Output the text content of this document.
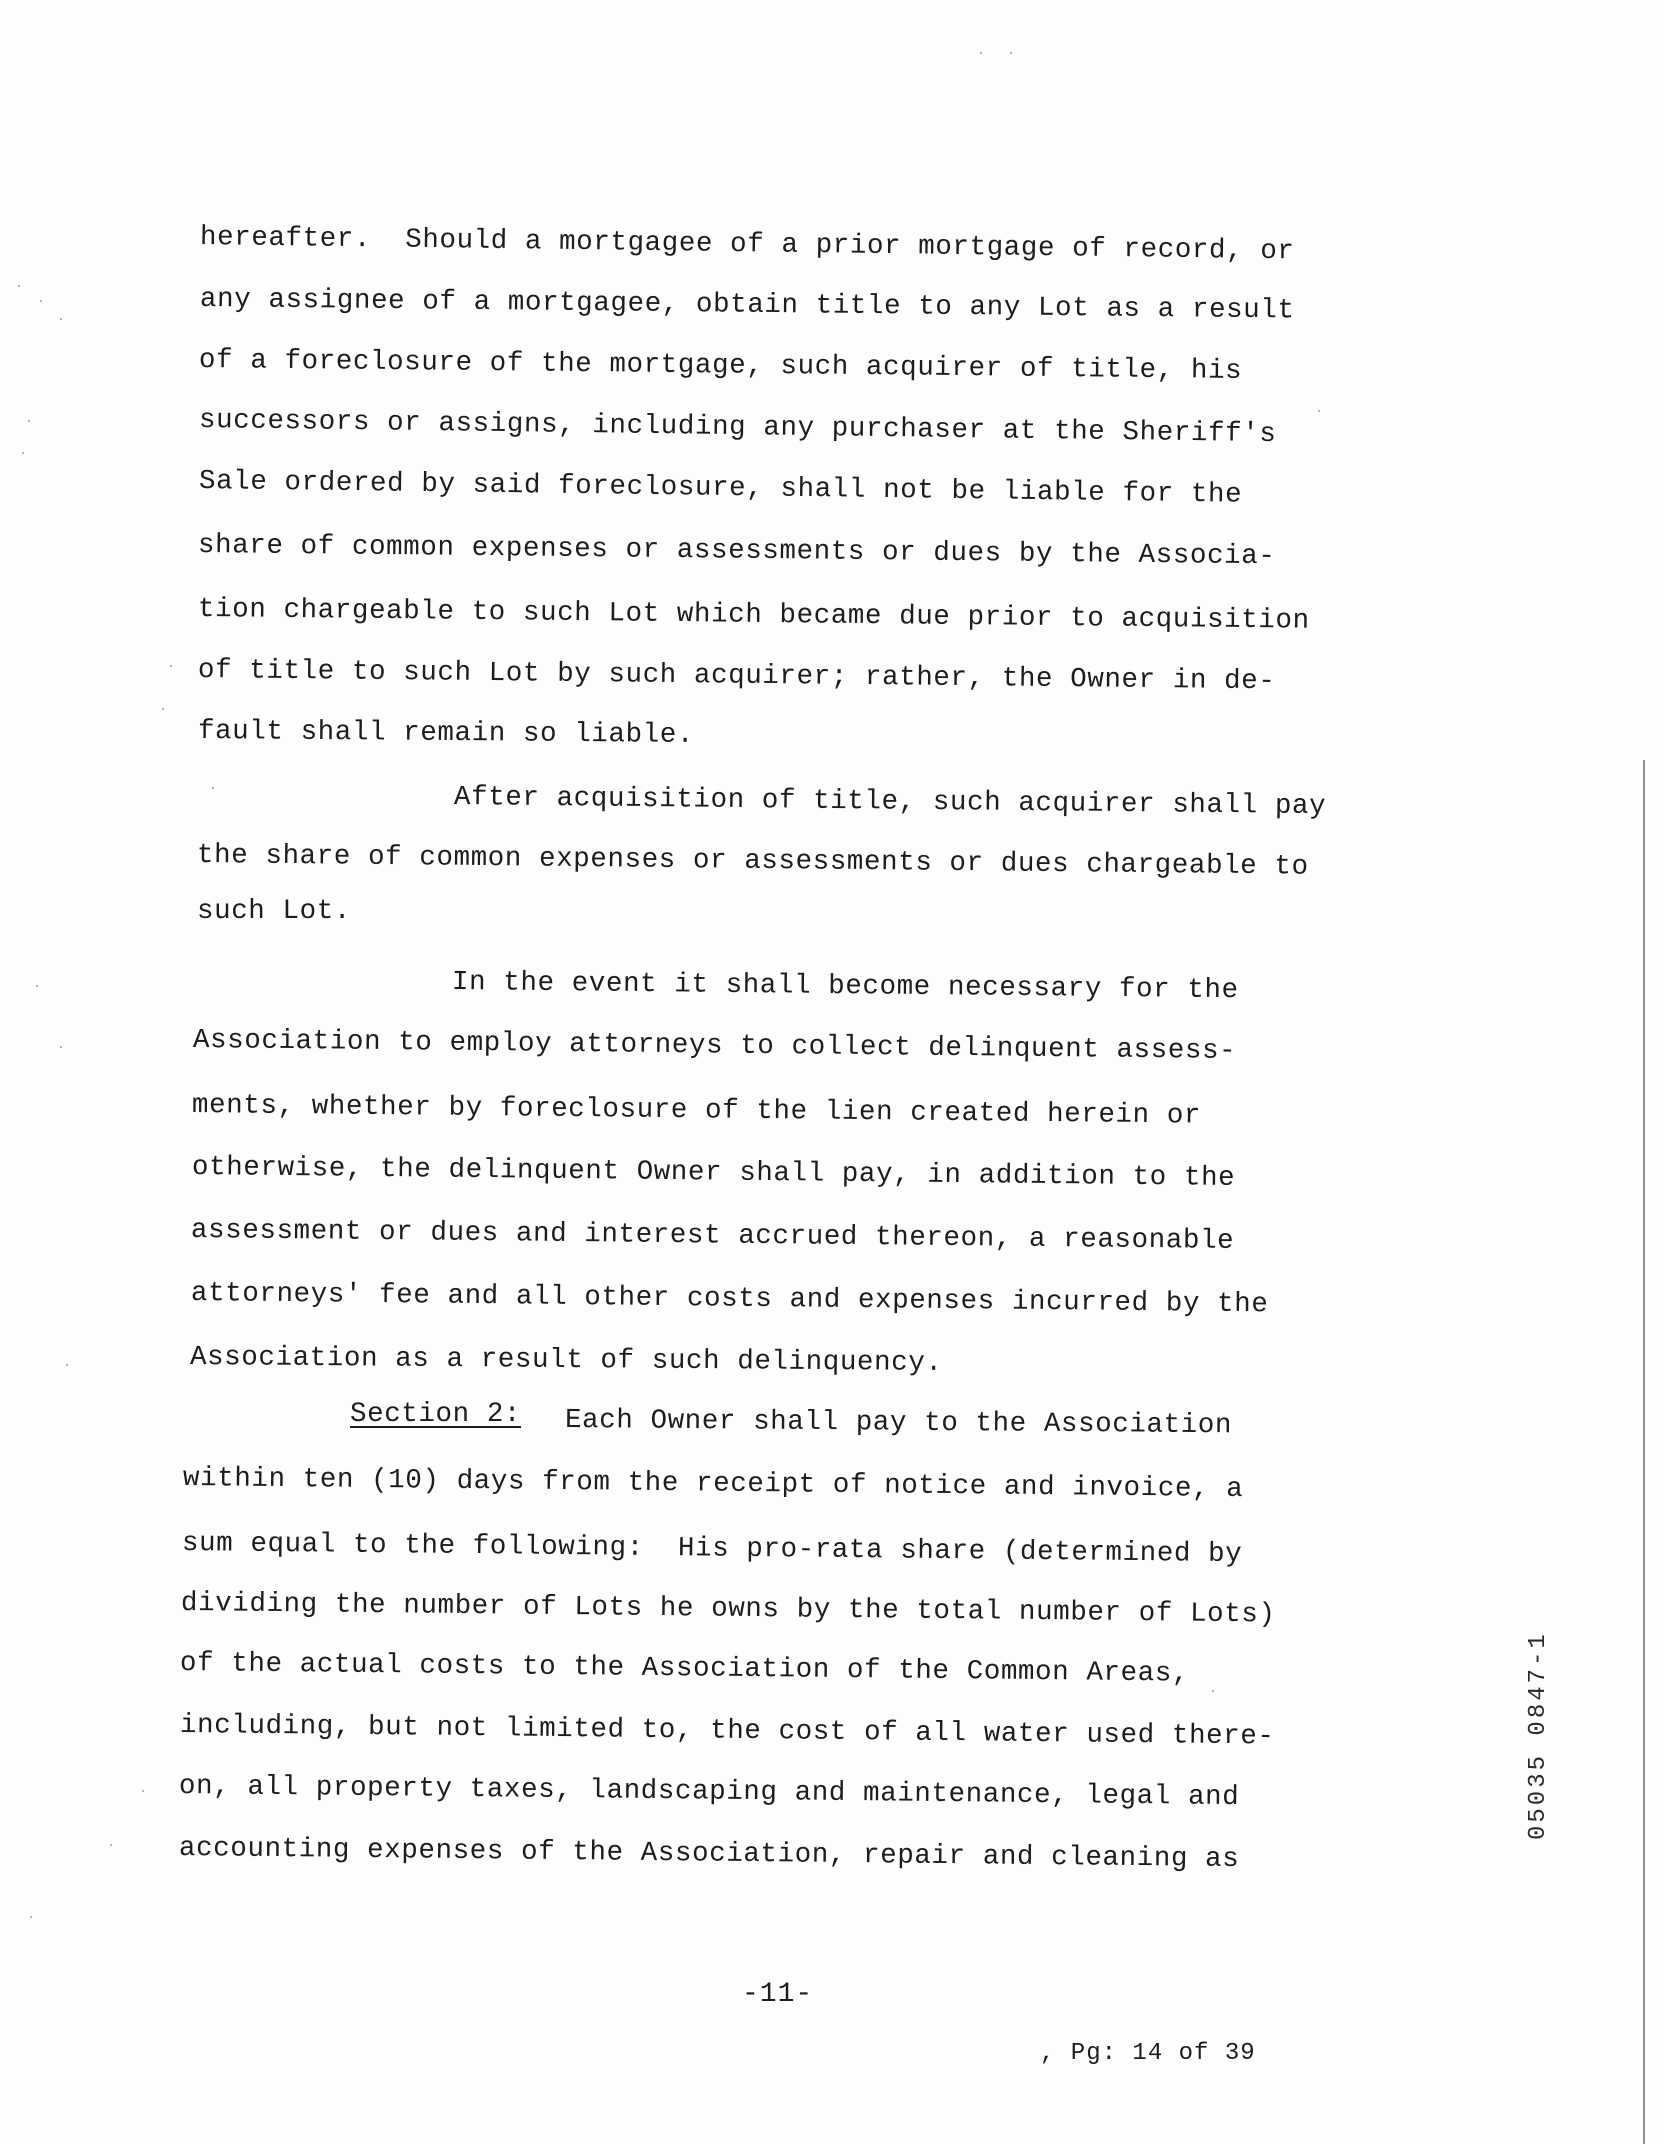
hereafter.  Should a mortgagee of a prior mortgage of record, or
any assignee of a mortgagee, obtain title to any Lot as a result
of a foreclosure of the mortgage, such acquirer of title, his
successors or assigns, including any purchaser at the Sheriff's
Sale ordered by said foreclosure, shall not be liable for the
share of common expenses or assessments or dues by the Associa-
tion chargeable to such Lot which became due prior to acquisition
of title to such Lot by such acquirer; rather, the Owner in de-
fault shall remain so liable.
After acquisition of title, such acquirer shall pay
the share of common expenses or assessments or dues chargeable to
such Lot.
In the event it shall become necessary for the
Association to employ attorneys to collect delinquent assess-
ments, whether by foreclosure of the lien created herein or
otherwise, the delinquent Owner shall pay, in addition to the
assessment or dues and interest accrued thereon, a reasonable
attorneys' fee and all other costs and expenses incurred by the
Association as a result of such delinquency.
Section 2: Each Owner shall pay to the Association
within ten (10) days from the receipt of notice and invoice, a
sum equal to the following:  His pro-rata share (determined by
dividing the number of Lots he owns by the total number of Lots)
of the actual costs to the Association of the Common Areas,
including, but not limited to, the cost of all water used there-
on, all property taxes, landscaping and maintenance, legal and
accounting expenses of the Association, repair and cleaning as
-11-
, Pg: 14 of 39
05035 0847-1
